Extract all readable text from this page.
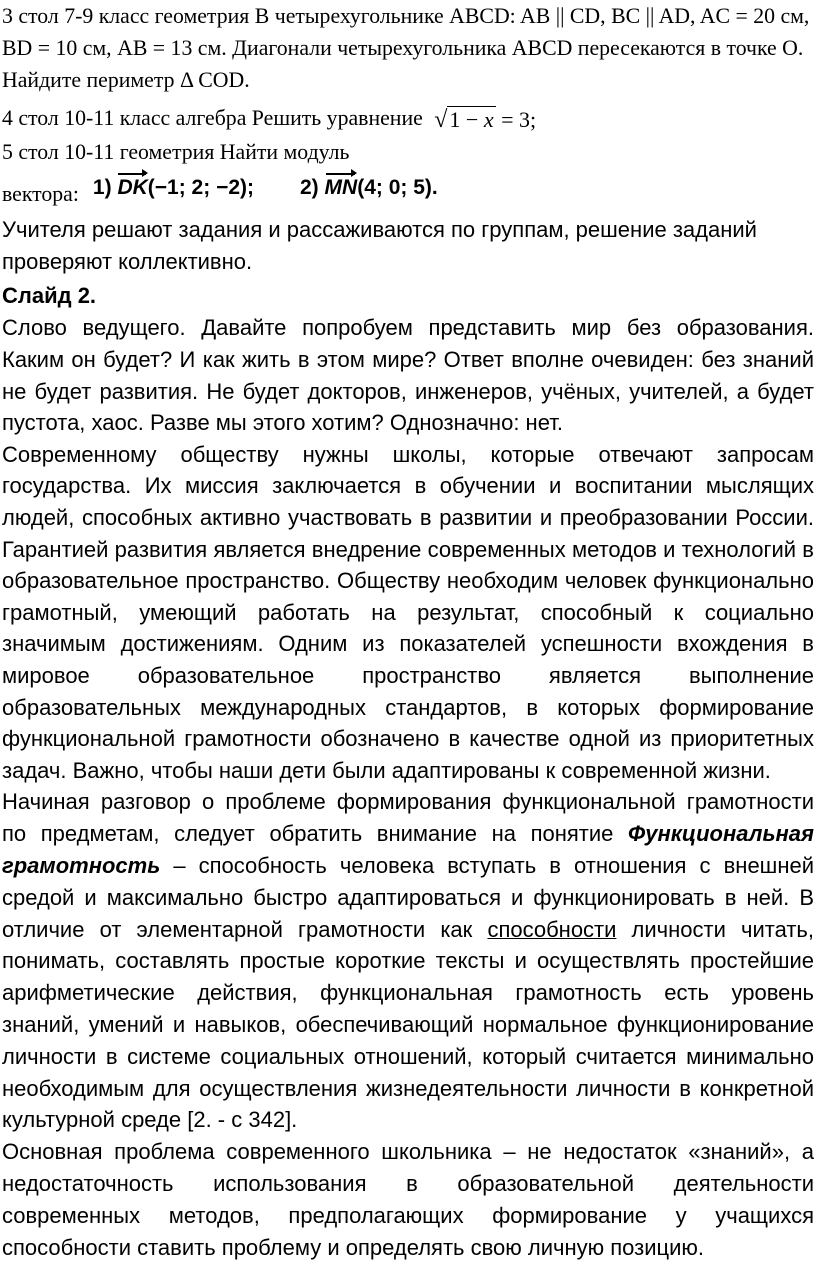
3 стол 7-9 класс геометрия В четырехугольнике ABCD: AB || CD, BC || AD, AC = 20 см, BD = 10 см, AB = 13 см. Диагонали четырехугольника ABCD пересекаются в точке O. Найдите периметр Δ COD.

4 стол 10-11 класс алгебра Решить уравнение √1 − x = 3;

5 стол 10-11 геометрия Найти модуль

вектора: 1) DK(−1; 2; −2); 2) MN(4; 0; 5).

Учителя решают задания и рассаживаются по группам, решение заданий проверяют коллективно.

Слайд 2.

Слово ведущего. Давайте попробуем представить мир без образования. Каким он будет? И как жить в этом мире? Ответ вполне очевиден: без знаний не будет развития. Не будет докторов, инженеров, учёных, учителей, а будет пустота, хаос. Разве мы этого хотим? Однозначно: нет.

Современному обществу нужны школы, которые отвечают запросам государства. Их миссия заключается в обучении и воспитании мыслящих людей, способных активно участвовать в развитии и преобразовании России. Гарантией развития является внедрение современных методов и технологий в образовательное пространство. Обществу необходим человек функционально грамотный, умеющий работать на результат, способный к социально значимым достижениям. Одним из показателей успешности вхождения в мировое образовательное пространство является выполнение образовательных международных стандартов, в которых формирование функциональной грамотности обозначено в качестве одной из приоритетных задач. Важно, чтобы наши дети были адаптированы к современной жизни.

Начиная разговор о проблеме формирования функциональной грамотности по предметам, следует обратить внимание на понятие Функциональная грамотность – способность человека вступать в отношения с внешней средой и максимально быстро адаптироваться и функционировать в ней. В отличие от элементарной грамотности как способности личности читать, понимать, составлять простые короткие тексты и осуществлять простейшие арифметические действия, функциональная грамотность есть уровень знаний, умений и навыков, обеспечивающий нормальное функционирование личности в системе социальных отношений, который считается минимально необходимым для осуществления жизнедеятельности личности в конкретной культурной среде [2. - с 342].

Основная проблема современного школьника – не недостаток «знаний», а недостаточность использования в образовательной деятельности современных методов, предполагающих формирование у учащихся способности ставить проблему и определять свою личную позицию.
